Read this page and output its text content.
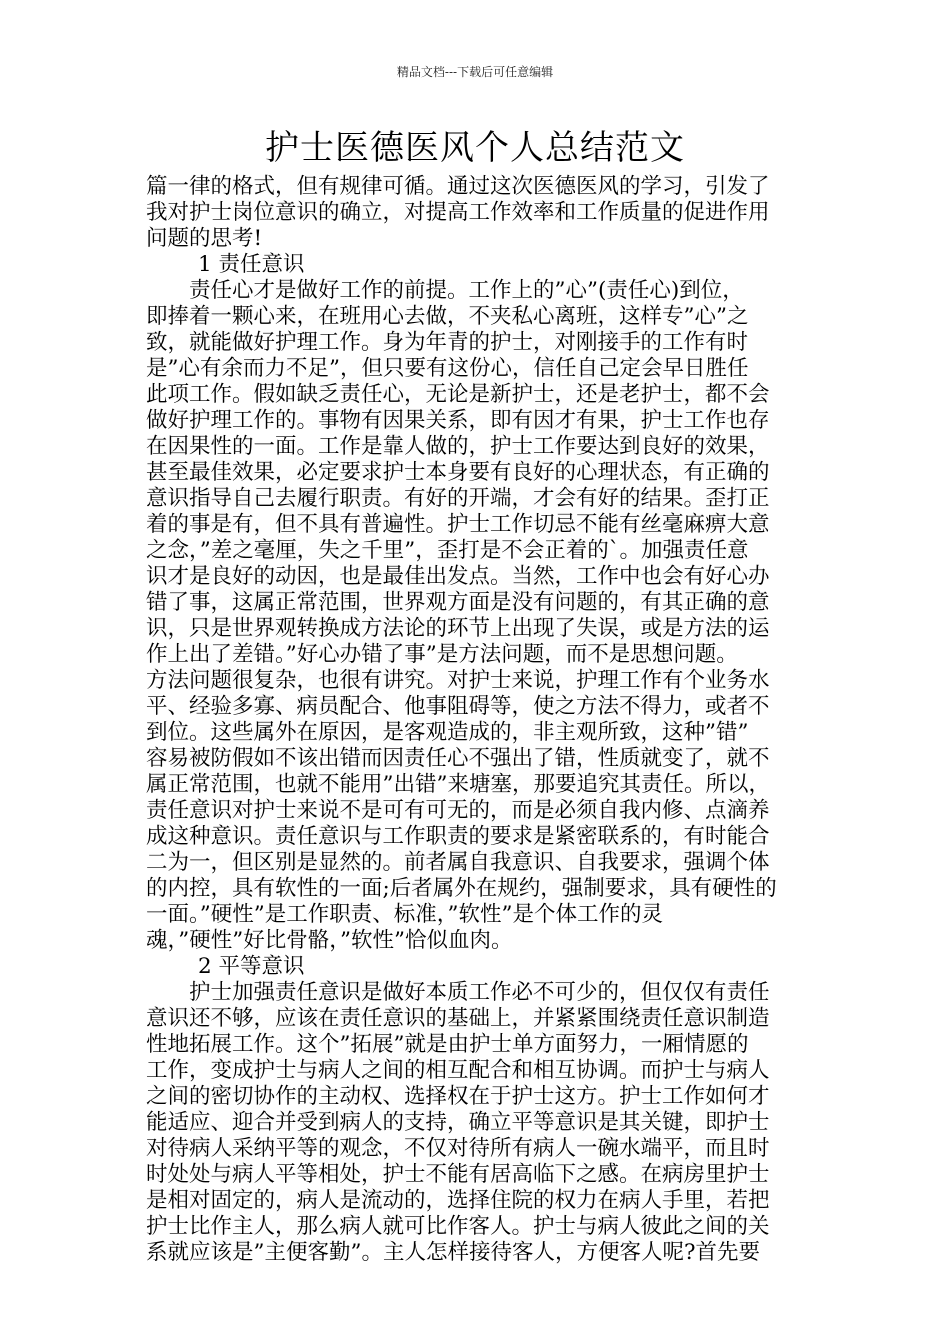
精品文档---下载后可任意编辑
护士医德医风个人总结范文
篇一律的格式，但有规律可循。通过这次医德医风的学习，引发了
我对护士岗位意识的确立，对提高工作效率和工作质量的促进作用
问题的思考!
1 责任意识
　　责任心才是做好工作的前提。工作上的”心”(责任心)到位，
即捧着一颗心来，在班用心去做，不夹私心离班，这样专”心”之
致，就能做好护理工作。身为年青的护士，对刚接手的工作有时
是”心有余而力不足”，但只要有这份心，信任自己定会早日胜任
此项工作。假如缺乏责任心，无论是新护士，还是老护士，都不会
做好护理工作的。事物有因果关系，即有因才有果，护士工作也存
在因果性的一面。工作是靠人做的，护士工作要达到良好的效果，
甚至最佳效果，必定要求护士本身要有良好的心理状态，有正确的
意识指导自己去履行职责。有好的开端，才会有好的结果。歪打正
着的事是有，但不具有普遍性。护士工作切忌不能有丝毫麻痹大意
之念，”差之毫厘，失之千里”，歪打是不会正着的`。加强责任意
识才是良好的动因，也是最佳出发点。当然，工作中也会有好心办
错了事，这属正常范围，世界观方面是没有问题的，有其正确的意
识，只是世界观转换成方法论的环节上出现了失误，或是方法的运
作上出了差错。”好心办错了事”是方法问题，而不是思想问题。
方法问题很复杂，也很有讲究。对护士来说，护理工作有个业务水
平、经验多寡、病员配合、他事阻碍等，使之方法不得力，或者不
到位。这些属外在原因，是客观造成的，非主观所致，这种”错”
容易被防假如不该出错而因责任心不强出了错，性质就变了，就不
属正常范围，也就不能用”出错”来塘塞，那要追究其责任。所以，
责任意识对护士来说不是可有可无的，而是必须自我内修、点滴养
成这种意识。责任意识与工作职责的要求是紧密联系的，有时能合
二为一，但区别是显然的。前者属自我意识、自我要求，强调个体
的内控，具有软性的一面;后者属外在规约，强制要求，具有硬性的
一面。”硬性”是工作职责、标准，”软性”是个体工作的灵
魂，”硬性”好比骨骼，”软性”恰似血肉。
2 平等意识
　　护士加强责任意识是做好本质工作必不可少的，但仅仅有责任
意识还不够，应该在责任意识的基础上，并紧紧围绕责任意识制造
性地拓展工作。这个”拓展”就是由护士单方面努力，一厢情愿的
工作，变成护士与病人之间的相互配合和相互协调。而护士与病人
之间的密切协作的主动权、选择权在于护士这方。护士工作如何才
能适应、迎合并受到病人的支持，确立平等意识是其关键，即护士
对待病人采纳平等的观念，不仅对待所有病人一碗水端平，而且时
时处处与病人平等相处，护士不能有居高临下之感。在病房里护士
是相对固定的，病人是流动的，选择住院的权力在病人手里，若把
护士比作主人，那么病人就可比作客人。护士与病人彼此之间的关
系就应该是”主便客勤”。主人怎样接待客人，方便客人呢?首先要
